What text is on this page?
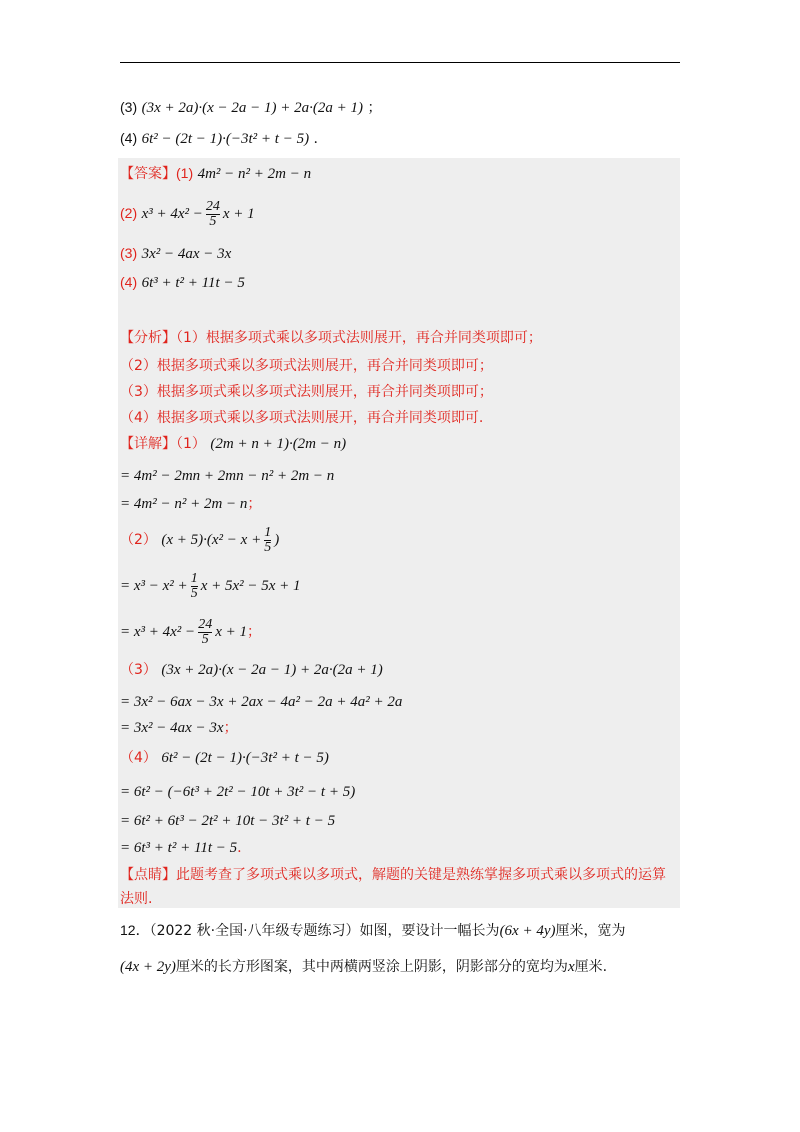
(3) (3x + 2a)·(x − 2a − 1) + 2a·(2a + 1) ；
(4) 6t² − (2t − 1)·(−3t² + t − 5) .
【答案】(1) 4m² − n² + 2m − n
(2) $x^3 + 4x^2 - \frac{24}{5}$ x + 1
(3) 3x² − 4ax − 3x
(4) 6t³ + t² + 11t − 5
【分析】（1）根据多项式乘以多项式法则展开，再合并同类项即可；
（2）根据多项式乘以多项式法则展开，再合并同类项即可；
（3）根据多项式乘以多项式法则展开，再合并同类项即可；
（4）根据多项式乘以多项式法则展开，再合并同类项即可.
【详解】（1） (2m + n + 1)·(2m − n)
= 4m² − 2mn + 2mn − n² + 2m − n
= 4m² − n² + 2m − n；
（2） $(x + 5)\cdot(x^2 - x + \frac{1}{5}$ )
= $x^3 - x^2 + \frac{1}{5}$ x + 5x² − 5x + 1
= $x^3 + 4x^2 - \frac{24}{5}$ x + 1；
（3） (3x + 2a)·(x − 2a − 1) + 2a·(2a + 1)
= 3x² − 6ax − 3x + 2ax − 4a² − 2a + 4a² + 2a
= 3x² − 4ax − 3x；
（4） 6t² − (2t − 1)·(−3t² + t − 5)
= 6t² − (−6t³ + 2t² − 10t + 3t² − t + 5)
= 6t² + 6t³ − 2t² + 10t − 3t² + t − 5
= 6t³ + t² + 11t − 5.
【点睛】此题考查了多项式乘以多项式，解题的关键是熟练掌握多项式乘以多项式的运算
法则.
12．（2022 秋·全国·八年级专题练习）如图，要设计一幅长为(6x + 4y)厘米，宽为
(4x + 2y)厘米的长方形图案，其中两横两竖涂上阴影，阴影部分的宽均为x厘米.
